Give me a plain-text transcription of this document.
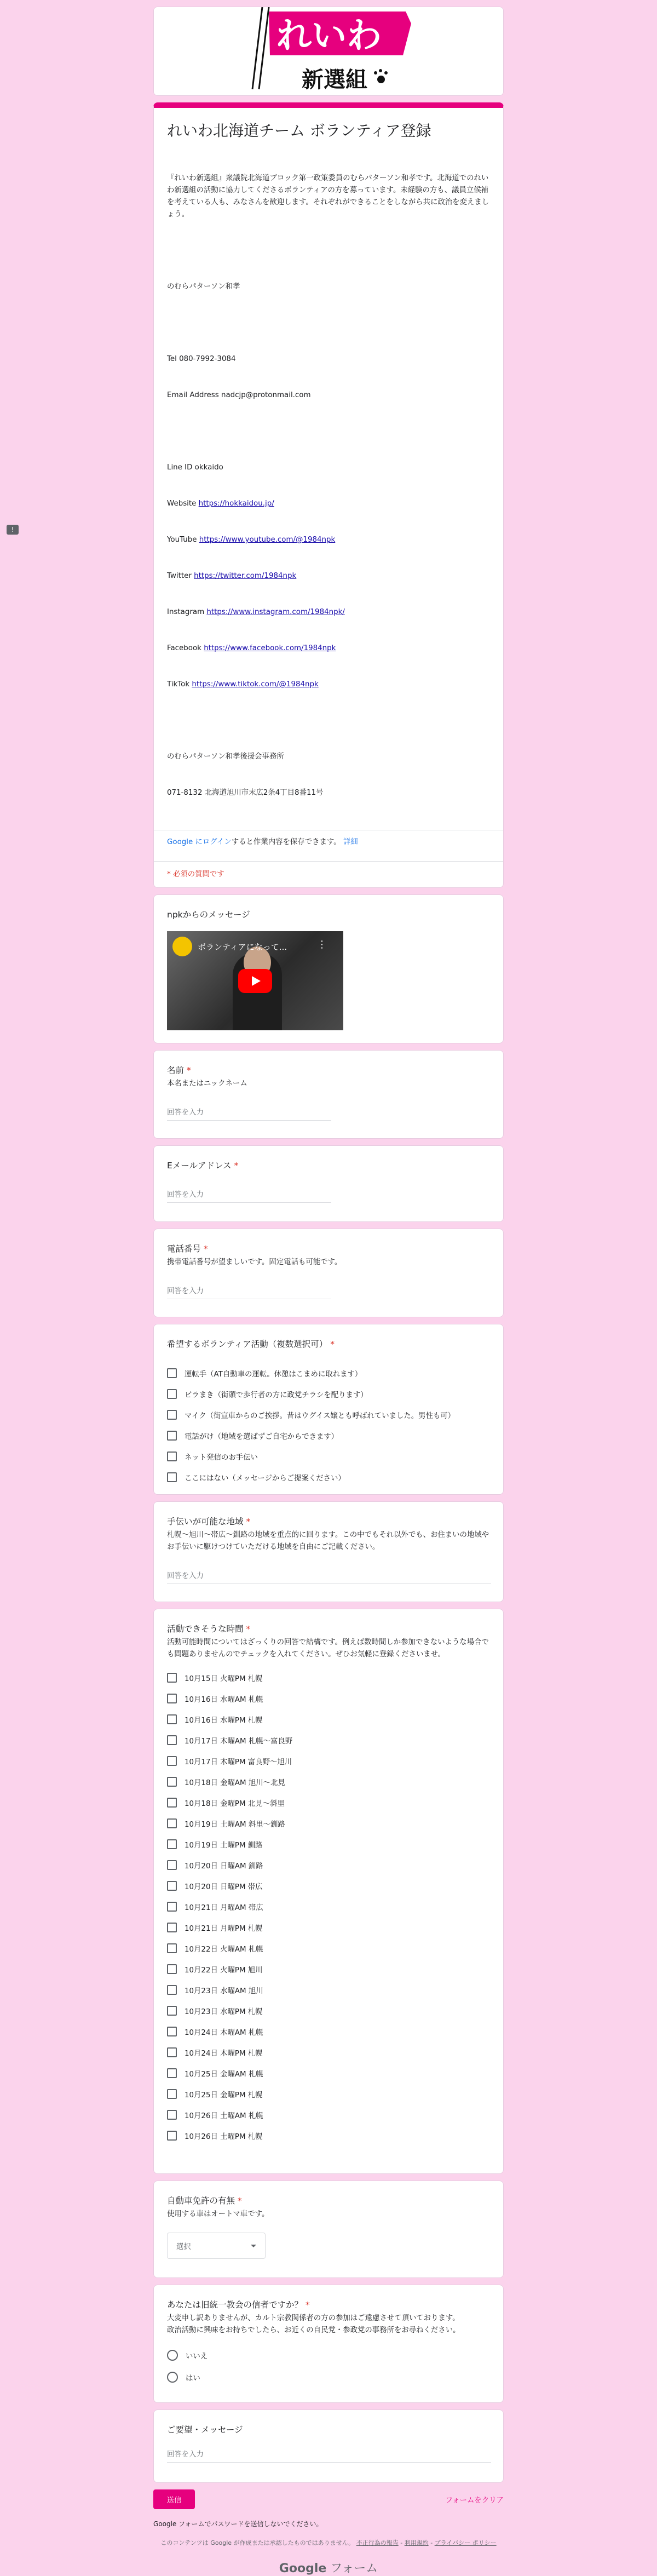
!
れいわ
新選組
れいわ北海道チーム ボランティア登録

『れいわ新選組』衆議院北海道ブロック第一政策委員のむらパターソン和孝です。北海道でのれいわ新選組の活動に協力してくださるボランティアの方を募っています。未経験の方も、議員立候補を考えている人も、みなさんを歓迎します。それぞれができることをしながら共に政治を変えましょう。

のむらパターソン和孝

Tel 080-7992-3084

Email Address nadcjp@protonmail.com

Line ID okkaido

Website https://hokkaidou.jp/

YouTube https://www.youtube.com/@1984npk

Twitter https://twitter.com/1984npk

Instagram https://www.instagram.com/1984npk/

Facebook https://www.facebook.com/1984npk

TikTok https://www.tiktok.com/@1984npk

のむらパターソン和孝後援会事務所

071-8132 北海道旭川市末広2条4丁目8番11号

Google にログインすると作業内容を保存できます。 詳細
* 必須の質問です
npkからのメッセージ
ボランティアになって...	⋮
名前 *
本名またはニックネーム
回答を入力
Eメールアドレス *
回答を入力
電話番号 *
携帯電話番号が望ましいです。固定電話も可能です。
回答を入力
希望するボランティア活動（複数選択可） *
運転手（AT自動車の運転。休憩はこまめに取れます）
ビラまき（街頭で歩行者の方に政党チラシを配ります）
マイク（街宣車からのご挨拶。昔はウグイス嬢とも呼ばれていました。男性も可）
電話がけ（地域を選ばずご自宅からできます）
ネット発信のお手伝い
ここにはない（メッセージからご提案ください）
手伝いが可能な地域 *
札幌〜旭川〜帯広〜釧路の地域を重点的に回ります。この中でもそれ以外でも、お住まいの地域やお手伝いに駆けつけていただける地域を自由にご記載ください。
回答を入力
活動できそうな時間 *
活動可能時間についてはざっくりの回答で結構です。例えば数時間しか参加できないような場合でも問題ありませんのでチェックを入れてください。ぜひお気軽に登録くださいませ。
10月15日 火曜PM 札幌
10月16日 水曜AM 札幌
10月16日 水曜PM 札幌
10月17日 木曜AM 札幌〜富良野
10月17日 木曜PM 富良野〜旭川
10月18日 金曜AM 旭川〜北見
10月18日 金曜PM 北見〜斜里
10月19日 土曜AM 斜里〜釧路
10月19日 土曜PM 釧路
10月20日 日曜AM 釧路
10月20日 日曜PM 帯広
10月21日 月曜AM 帯広
10月21日 月曜PM 札幌
10月22日 火曜AM 札幌
10月22日 火曜PM 旭川
10月23日 水曜AM 旭川
10月23日 水曜PM 札幌
10月24日 木曜AM 札幌
10月24日 木曜PM 札幌
10月25日 金曜AM 札幌
10月25日 金曜PM 札幌
10月26日 土曜AM 札幌
10月26日 土曜PM 札幌
自動車免許の有無 *
使用する車はオートマ車です。
選択
あなたは旧統一教会の信者ですか？ *
大変申し訳ありませんが、カルト宗教関係者の方の参加はご遠慮させて頂いております。
政治活動に興味をお持ちでしたら、お近くの自民党・参政党の事務所をお尋ねください。
いいえ
はい
ご要望・メッセージ
回答を入力
送信	フォームをクリア
Google フォームでパスワードを送信しないでください。
このコンテンツは Google が作成または承認したものではありません。 不正行為の報告 - 利用規約 - プライバシー ポリシー
Google フォーム
